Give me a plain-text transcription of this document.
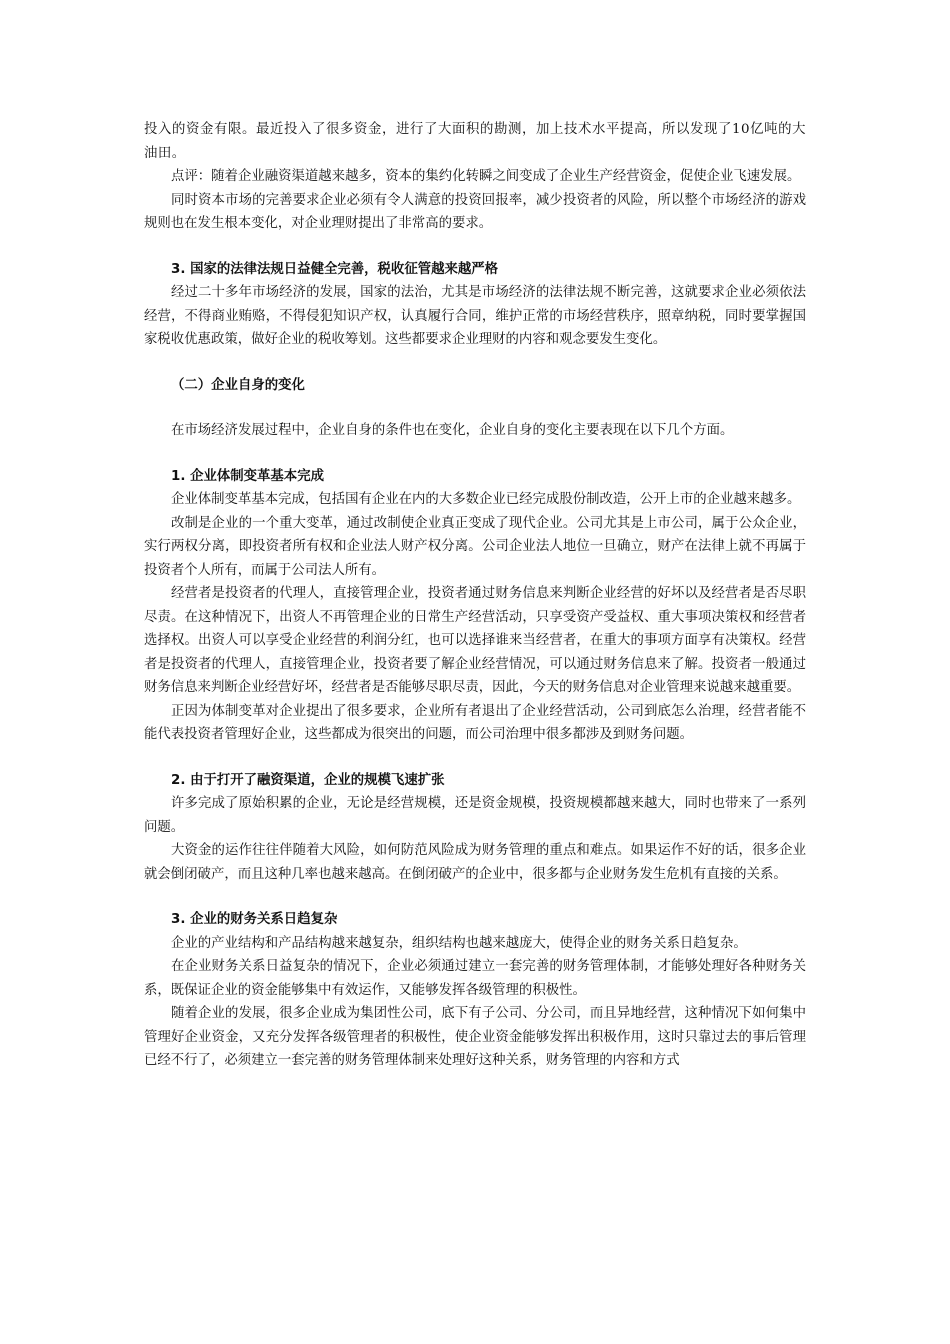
投入的资金有限。最近投入了很多资金，进行了大面积的勘测，加上技术水平提高，所以发现了10亿吨的大油田。

点评：随着企业融资渠道越来越多，资本的集约化转瞬之间变成了企业生产经营资金，促使企业飞速发展。

同时资本市场的完善要求企业必须有令人满意的投资回报率，减少投资者的风险，所以整个市场经济的游戏规则也在发生根本变化，对企业理财提出了非常高的要求。

3. 国家的法律法规日益健全完善，税收征管越来越严格

经过二十多年市场经济的发展，国家的法治，尤其是市场经济的法律法规不断完善，这就要求企业必须依法经营，不得商业贿赂，不得侵犯知识产权，认真履行合同，维护正常的市场经营秩序，照章纳税，同时要掌握国家税收优惠政策，做好企业的税收筹划。这些都要求企业理财的内容和观念要发生变化。

（二）企业自身的变化

在市场经济发展过程中，企业自身的条件也在变化，企业自身的变化主要表现在以下几个方面。

1. 企业体制变革基本完成

企业体制变革基本完成，包括国有企业在内的大多数企业已经完成股份制改造，公开上市的企业越来越多。

改制是企业的一个重大变革，通过改制使企业真正变成了现代企业。公司尤其是上市公司，属于公众企业，实行两权分离，即投资者所有权和企业法人财产权分离。公司企业法人地位一旦确立，财产在法律上就不再属于投资者个人所有，而属于公司法人所有。

经营者是投资者的代理人，直接管理企业，投资者通过财务信息来判断企业经营的好坏以及经营者是否尽职尽责。在这种情况下，出资人不再管理企业的日常生产经营活动，只享受资产受益权、重大事项决策权和经营者选择权。出资人可以享受企业经营的利润分红，也可以选择谁来当经营者，在重大的事项方面享有决策权。经营者是投资者的代理人，直接管理企业，投资者要了解企业经营情况，可以通过财务信息来了解。投资者一般通过财务信息来判断企业经营好坏，经营者是否能够尽职尽责，因此，今天的财务信息对企业管理来说越来越重要。

正因为体制变革对企业提出了很多要求，企业所有者退出了企业经营活动，公司到底怎么治理，经营者能不能代表投资者管理好企业，这些都成为很突出的问题，而公司治理中很多都涉及到财务问题。

2. 由于打开了融资渠道，企业的规模飞速扩张

许多完成了原始积累的企业，无论是经营规模，还是资金规模，投资规模都越来越大，同时也带来了一系列问题。

大资金的运作往往伴随着大风险，如何防范风险成为财务管理的重点和难点。如果运作不好的话，很多企业就会倒闭破产，而且这种几率也越来越高。在倒闭破产的企业中，很多都与企业财务发生危机有直接的关系。

3. 企业的财务关系日趋复杂

企业的产业结构和产品结构越来越复杂，组织结构也越来越庞大，使得企业的财务关系日趋复杂。

在企业财务关系日益复杂的情况下，企业必须通过建立一套完善的财务管理体制，才能够处理好各种财务关系，既保证企业的资金能够集中有效运作，又能够发挥各级管理的积极性。

随着企业的发展，很多企业成为集团性公司，底下有子公司、分公司，而且异地经营，这种情况下如何集中管理好企业资金，又充分发挥各级管理者的积极性，使企业资金能够发挥出积极作用，这时只靠过去的事后管理已经不行了，必须建立一套完善的财务管理体制来处理好这种关系，财务管理的内容和方式
